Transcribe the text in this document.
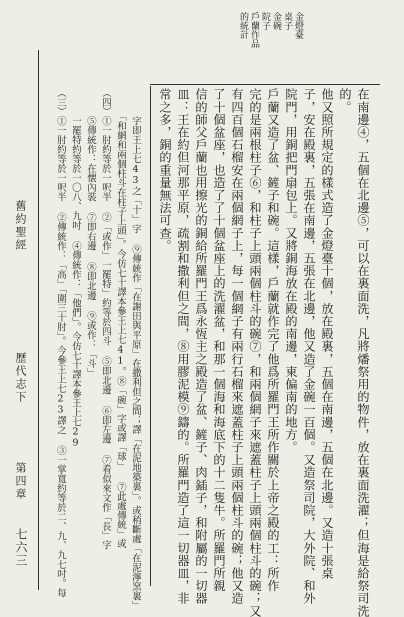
舊約聖經
歷代志下
第四章
七六三	（三）①一肘約等於一呎半 ②傳統作：「高」「圍三十肘」。今參王上七23譯之 ③一掌寬約等於二、九、九七吋。每 　　　一罷特約等於一〇八、九吋 ④傳統作：「他們」。今仿七十譯本參王上七29 　　　⑤傳統作：在懐內裝 ⑦即右邊 ⑧即北邊 ⑨或作：「斗」 （四）①一肘約等於一呎半 ②「或作」一罷特」約等於四斗 ⑤即北邊 ⑥即左邊 ⑦看似來文作「長」字 　　　「和網和兩個柱斗在柱子上頭」。今仿七十譯本參王上七41。⑧「碗」字或譯「球」 ⑦此處傳統」或 　　　字即王上七43之「十」字 ⑨傳統作「在謝田與平原」在撒利但之間；譯「在泥地築裏」。或稍斷處「在泥濘窯裏」 常之多，銅的重量無法可查。 皿：王在約但河那平原，疏割和撒利但之間，⑧用膠泥模⑨鑄的。所羅門造了這一切器皿，非 信的師父戶蘭也用擦光的銅給所羅門王爲永恆主之殿造了盆、鏟子、肉鍤子，和附屬的一切器 了十個盆座，也造了了十個盆座上的洗濯盆，和那一個海和海底下的十二隻牛。所羅門所親 有四百個石榴安在兩個網子上，每一個網子有兩行石榴來遮蓋柱子上頭兩個柱斗的碗；他又造 完的是兩根柱子⑥，和柱子上頭兩個柱斗的碗⑦，和兩個網子來遮蓋柱子上頭兩個柱斗的碗；又 戶蘭又造了盆、鏟子和碗。這樣，戶蘭就作完了他爲所羅門王所作關於上帝之殿的工：所作 院門，用銅把門扇包上。又將銅海放在殿的南邊，東偏南的地方。 子，安在殿裏，五張在南邊，五張在北邊，他又造了金碗一百個。又造祭司院，大外院、和外 他又照所規定的樣式造了金燈臺十個，放在殿裏，五個在南邊，五個在北邊。又造十張桌 的。 在南邊④，五個在北邊⑤，可以在裏面洗，凡將燔祭用的物件，放在裏面洗濯；但海是給祭司洗
金燈臺
桌子
金碗
院子
戶蘭作品
的統計
